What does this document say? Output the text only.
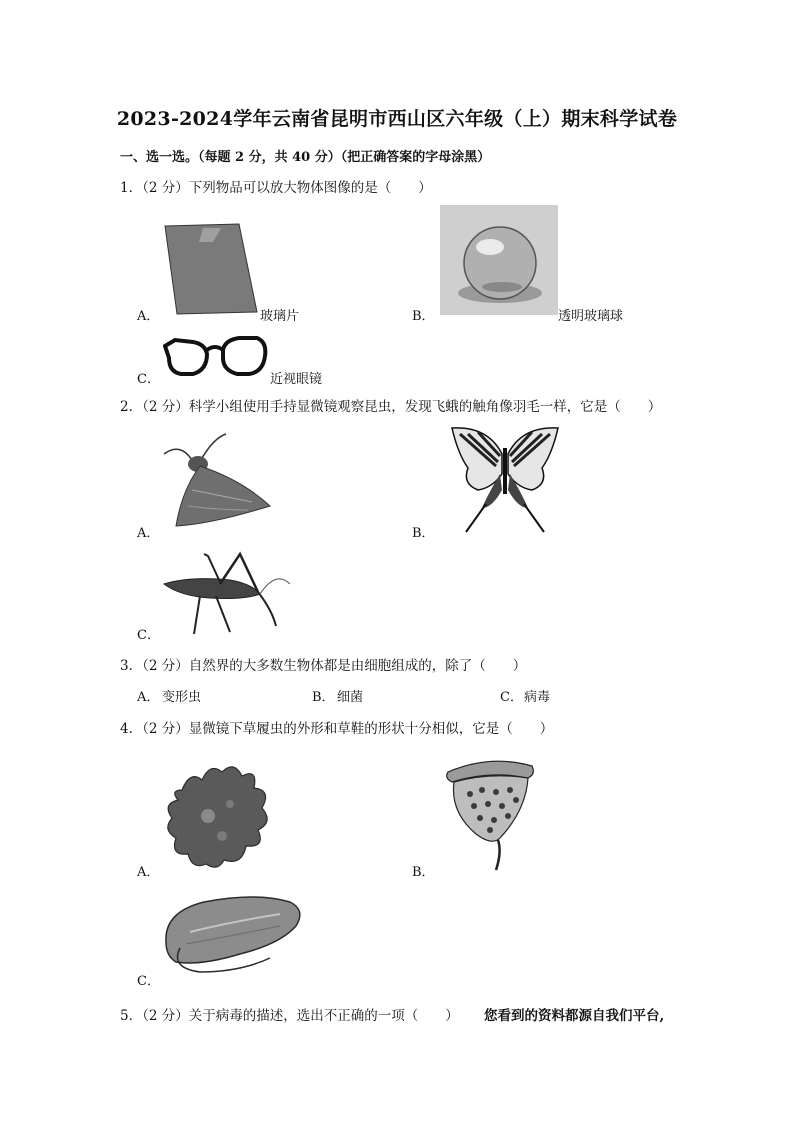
2023-2024学年云南省昆明市西山区六年级（上）期末科学试卷
一、选一选。（每题 2 分，共 40 分）（把正确答案的字母涂黑）
1．（2 分）下列物品可以放大物体图像的是（　　）
A．	玻璃片	B．	透明玻璃球
C．	近视眼镜
2．（2 分）科学小组使用手持显微镜观察昆虫，发现飞蛾的触角像羽毛一样，它是（　　）
A．	B．
C．
3．（2 分）自然界的大多数生物体都是由细胞组成的，除了（　　）
A． 变形虫	B． 细菌	C． 病毒
4．（2 分）显微镜下草履虫的外形和草鞋的形状十分相似，它是（　　）
A．	B．
C．
5．（2 分）关于病毒的描述，选出不正确的一项（　　） 您看到的资料都源自我们平台,
